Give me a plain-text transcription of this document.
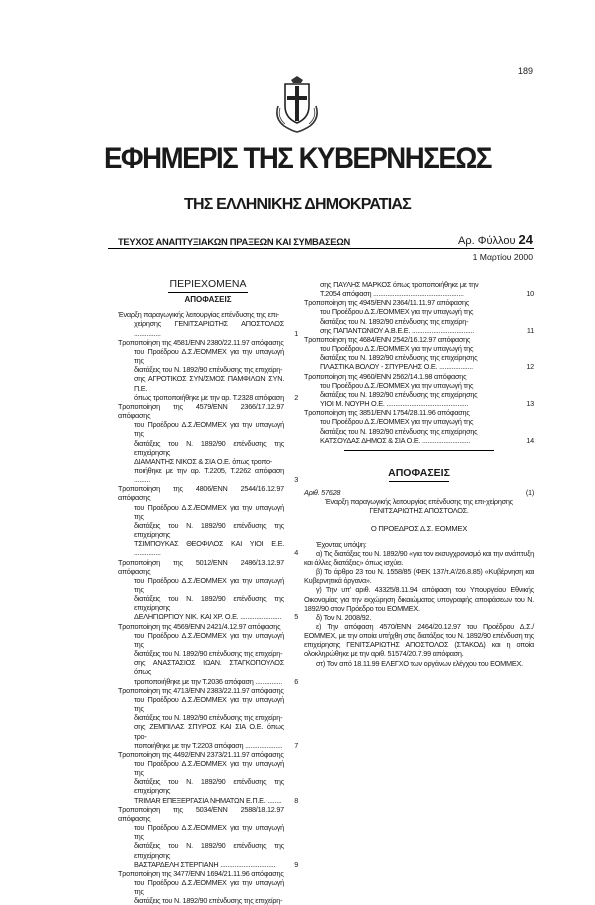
189
ΕΦΗΜΕΡΙΣ ΤΗΣ ΚΥΒΕΡΝΗΣΕΩΣ
ΤΗΣ ΕΛΛΗΝΙΚΗΣ ΔΗΜΟΚΡΑΤΙΑΣ
ΤΕΥΧΟΣ ΑΝΑΠΤΥΞΙΑΚΩΝ ΠΡΑΞΕΩΝ ΚΑΙ ΣΥΜΒΑΣΕΩΝ	Αρ. Φύλλου 24
1 Μαρτίου 2000
ΠΕΡΙΕΧΟΜΕΝΑ
ΑΠΟΦΑΣΕΙΣ
Έναρξη παραγωγικής λειτουργίας επένδυσης της επι-
χείρησης ΓΕΝΙΤΣΑΡΙΩΤΗΣ ΑΠΟΣΤΟΛΟΣ ...............	1
Τροποποίηση της 4581/ΕΝΝ 2380/22.11.97 απόφασης
του Προέδρου Δ.Σ./ΕΟΜΜΕΧ για την υπαγωγή της
διατάξεις του Ν. 1892/90 επένδυσης της επιχείρη-
σης ΑΓΡΟΤΙΚΟΣ ΣΥΝ/ΣΜΟΣ ΠΑΜΦΙΛΩΝ ΣΥΝ. Π.Ε.
όπως τροποποιήθηκε με την αρ. Τ.2328 απόφαση	2
Τροποποίηση της 4579/ΕΝΝ 2366/17.12.97 απόφασης
του Προέδρου Δ.Σ./ΕΟΜΜΕΧ για την υπαγωγή της
διατάξεις του Ν. 1892/90 επένδυσης της επιχείρησης
ΔΙΑΜΑΝΤΗΣ ΝΙΚΟΣ & ΣΙΑ Ο.Ε. όπως τροπο-
ποιήθηκε με την αρ. Τ.2205, Τ.2262 απόφαση .........	3
Τροποποίηση της 4806/ΕΝΝ 2544/16.12.97 απόφασης
του Προέδρου Δ.Σ./ΕΟΜΜΕΧ για την υπαγωγή της
διατάξεις του Ν. 1892/90 επένδυσης της επιχείρησης
ΤΣΙΜΠΟΥΚΑΣ ΘΕΟΦΙΛΟΣ ΚΑΙ ΥΙΟΙ Ε.Ε. ...............	4
Τροποποίηση της 5012/ΕΝΝ 2486/13.12.97 απόφασης
του Προέδρου Δ.Σ./ΕΟΜΜΕΧ για την υπαγωγή της
διατάξεις του Ν. 1892/90 επένδυσης της επιχείρησης
ΔΕΛΗΓΙΩΡΓΙΟΥ ΝΙΚ. ΚΑΙ ΧΡ. Ο.Ε. .......................	5
Τροποποίηση της 4569/ΕΝΝ 2421/4.12.97 απόφασης
του Προέδρου Δ.Σ./ΕΟΜΜΕΧ για την υπαγωγή της
διατάξεις του Ν. 1892/90 επένδυσης της επιχείρη-
σης ΑΝΑΣΤΑΣΙΟΣ ΙΩΑΝ. ΣΤΑΓΚΟΠΟΥΛΟΣ όπως
τροποποιήθηκε με την Τ.2036 απόφαση ...............	6
Τροποποίηση της 4713/ΕΝΝ 2383/22.11.97 απόφασης
του Προέδρου Δ.Σ./ΕΟΜΜΕΧ για την υπαγωγή της
διατάξεις του Ν. 1892/90 επένδυσης της επιχείρη-
σης ΖΕΜΠΙΛΑΣ ΣΠΥΡΟΣ ΚΑΙ ΣΙΑ Ο.Ε. όπως τρο-
ποποιήθηκε με την Τ.2203 απόφαση .....................	7
Τροποποίηση της 4492/ΕΝΝ 2373/21.11.97 απόφασης
του Προέδρου Δ.Σ./ΕΟΜΜΕΧ για την υπαγωγή της
διατάξεις του Ν. 1892/90 επένδυσης της επιχείρησης
TRIMAR ΕΠΕΞΕΡΓΑΣΙΑ ΝΗΜΑΤΩΝ Ε.Π.Ε. ........	8
Τροποποίηση της 5034/ΕΝΝ 2588/18.12.97 απόφασης
του Προέδρου Δ.Σ./ΕΟΜΜΕΧ για την υπαγωγή της
διατάξεις του Ν. 1892/90 επένδυσης της επιχείρησης
ΒΑΣΤΑΡΔΕΛΗ ΣΤΕΡΓΙΑΝΗ ...............................	9
Τροποποίηση της 3477/ΕΝΝ 1694/21.11.96 απόφασης
του Προέδρου Δ.Σ./ΕΟΜΜΕΧ για την υπαγωγή της
διατάξεις του Ν. 1892/90 επένδυσης της επιχείρη-
σης ΠΑΥΛΗΣ ΜΑΡΚΟΣ όπως τροποποιήθηκε με την
Τ.2054 απόφαση ...................................................	10
Τροποποίηση της 4945/ΕΝΝ 2364/11.11.97 απόφασης
του Προέδρου Δ.Σ./ΕΟΜΜΕΧ για την υπαγωγή της
διατάξεις του Ν. 1892/90 επένδυσης της επιχείρη-
σης ΠΑΠΑΝΤΩΝΙΟΥ Α.Β.Ε.Ε. ...................................	11
Τροποποίηση της 4684/ΕΝΝ 2542/16.12.97 απόφασης
του Προέδρου Δ.Σ./ΕΟΜΜΕΧ για την υπαγωγή της
διατάξεις του Ν. 1892/90 επένδυσης της επιχείρησης
ΠΛΑΣΤΙΚΑ ΒΟΛΟΥ - ΣΠΥΡΕΛΗΣ Ο.Ε. ...................	12
Τροποποίηση της 4960/ΕΝΝ 2562/14.1.98 απόφασης
του Προέδρου Δ.Σ./ΕΟΜΜΕΧ για την υπαγωγή της
διατάξεις του Ν. 1892/90 επένδυσης της επιχείρησης
ΥΙΟΙ Μ. ΝΟΥΡΗ Ο.Ε. ..............................................	13
Τροποποίηση της 3851/ΕΝΝ 1754/28.11.96 απόφασης
του Προέδρου Δ.Σ./ΕΟΜΜΕΧ για την υπαγωγή της
διατάξεις του Ν. 1892/90 επένδυσης της επιχείρησης
ΚΑΤΣΟΥΔΑΣ ΔΗΜΟΣ & ΣΙΑ Ο.Ε. ...........................	14
ΑΠΟΦΑΣΕΙΣ
Αριθ. 57628	(1)
Έναρξη παραγωγικής λειτουργίας επένδυσης της επι-χείρησης ΓΕΝΙΤΣΑΡΙΩΤΗΣ ΑΠΟΣΤΟΛΟΣ.
Ο ΠΡΟΕΔΡΟΣ Δ.Σ. ΕΟΜΜΕΧ
Έχοντας υπόψη:
α) Τις διατάξεις του Ν. 1892/90 «για τον εκσυγχρονισμό και την ανάπτυξη και άλλες διατάξεις» όπως ισχύει.
β) Το άρθρο 23 του Ν. 1558/85 (ΦΕΚ 137/τ.Α'/26.8.85) «Κυβέρνηση και Κυβερνητικά όργανα».
γ) Την υπ' αριθ. 43325/8.11.94 απόφαση του Υπουργείου Εθνικής Οικονομίας για την εκχώρηση δικαιώματος υπογραφής αποφάσεων του Ν. 1892/90 στον Πρόεδρο του ΕΟΜΜΕΧ.
δ) Τον Ν. 2008/92.
ε) Την απόφαση 4570/ΕΝΝ 2464/20.12.97 του Προέδρου Δ.Σ./ΕΟΜΜΕΧ, με την οποία υπήχθη στις διατάξεις του Ν. 1892/90 επένδυση της επιχείρησης ΓΕΝΙΤΣΑΡΙΩΤΗΣ ΑΠΟΣΤΟΛΟΣ (ΣΤΑΚΟΔ) και η οποία ολοκληρώθηκε με την αριθ. 51574/20.7.99 απόφαση.
στ) Τον από 18.11.99 ΕΛΕΓΧΟ των οργάνων ελέγχου του ΕΟΜΜΕΧ.
